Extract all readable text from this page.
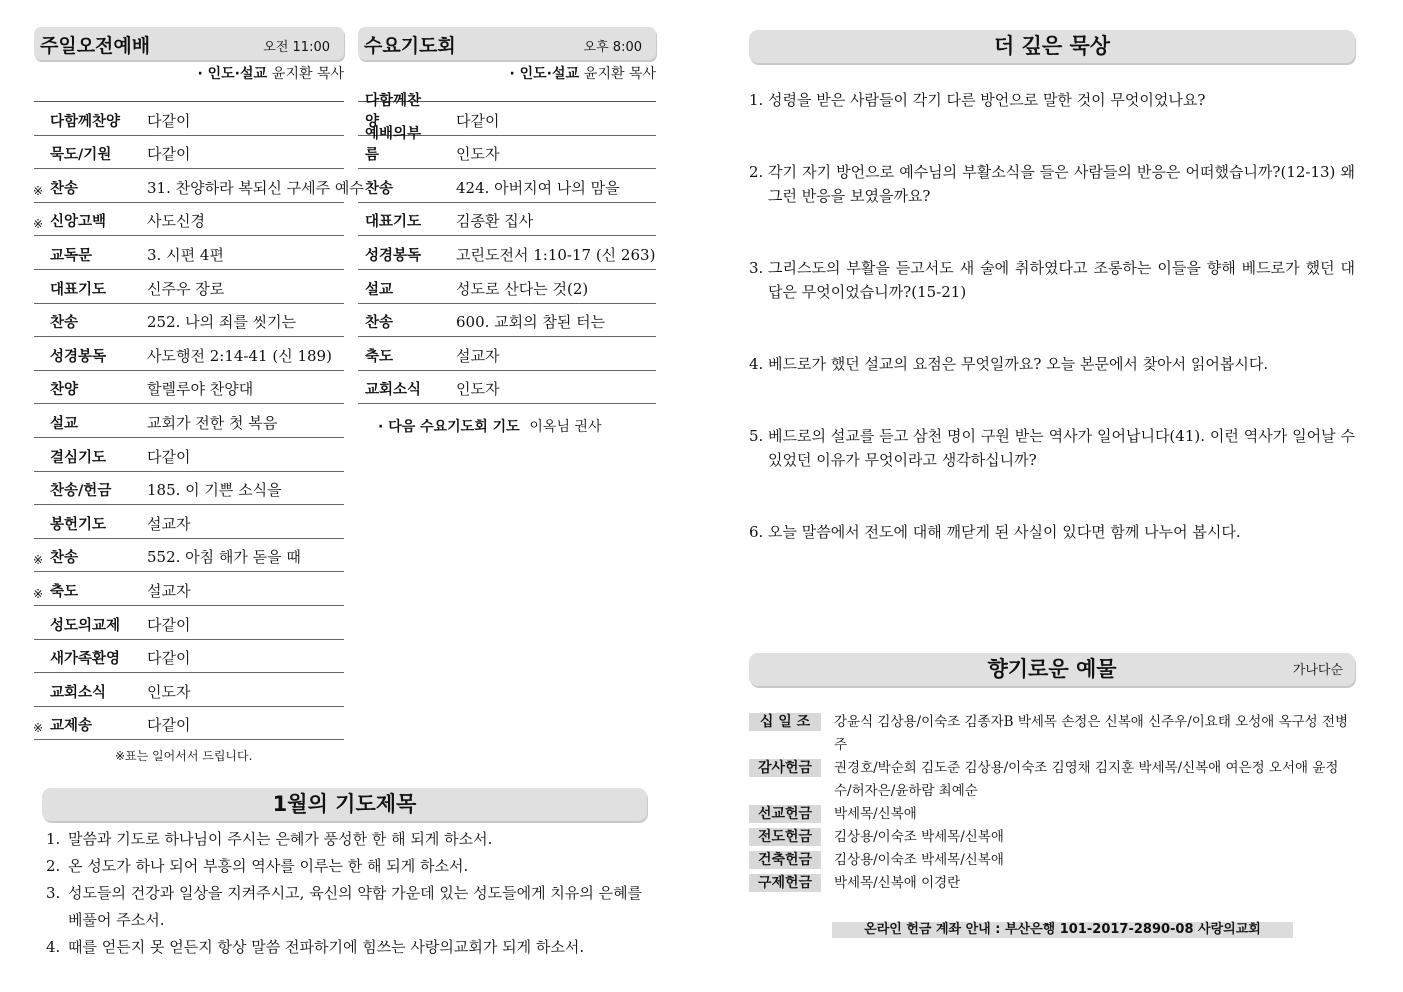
주일오전예배	오전 11:00
· 인도·설교 윤지환 목사
다함께찬양	다같이
묵도/기원	다같이
※ 찬송	31. 찬양하라 복되신 구세주 예수
※ 신앙고백	사도신경
교독문	3. 시편 4편
대표기도	신주우 장로
찬송	252. 나의 죄를 씻기는
성경봉독	사도행전 2:14-41 (신 189)
찬양	할렐루야 찬양대
설교	교회가 전한 첫 복음
결심기도	다같이
찬송/헌금	185. 이 기쁜 소식을
봉헌기도	설교자
※ 찬송	552. 아침 해가 돋을 때
※ 축도	설교자
성도의교제	다같이
새가족환영	다같이
교회소식	인도자
※ 교제송	다같이
※표는 일어서서 드립니다.
수요기도회	오후 8:00
· 인도·설교 윤지환 목사
다함께찬양	다같이
예배의부름	인도자
찬송	424. 아버지여 나의 맘을
대표기도	김종환 집사
성경봉독	고린도전서 1:10-17 (신 263)
설교	성도로 산다는 것(2)
찬송	600. 교회의 참된 터는
축도	설교자
교회소식	인도자
· 다음 수요기도회 기도 이옥님 권사
1월의 기도제목
1. 말씀과 기도로 하나님이 주시는 은혜가 풍성한 한 해 되게 하소서.
2. 온 성도가 하나 되어 부흥의 역사를 이루는 한 해 되게 하소서.
3. 성도들의 건강과 일상을 지켜주시고, 육신의 약함 가운데 있는 성도들에게 치유의 은혜를 베풀어 주소서.
4. 때를 얻든지 못 얻든지 항상 말씀 전파하기에 힘쓰는 사랑의교회가 되게 하소서.
더 깊은 묵상
1. 성령을 받은 사람들이 각기 다른 방언으로 말한 것이 무엇이었나요?
2. 각기 자기 방언으로 예수님의 부활소식을 들은 사람들의 반응은 어떠했습니까?(12-13) 왜 그런 반응을 보였을까요?
3. 그리스도의 부활을 듣고서도 새 술에 취하였다고 조롱하는 이들을 향해 베드로가 했던 대답은 무엇이었습니까?(15-21)
4. 베드로가 했던 설교의 요점은 무엇일까요? 오늘 본문에서 찾아서 읽어봅시다.
5. 베드로의 설교를 듣고 삼천 명이 구원 받는 역사가 일어납니다(41). 이런 역사가 일어날 수 있었던 이유가 무엇이라고 생각하십니까?
6. 오늘 말씀에서 전도에 대해 깨닫게 된 사실이 있다면 함께 나누어 봅시다.
향기로운 예물	가나다순
십 일 조	강윤식 김상용/이숙조 김종자B 박세목 손정은 신복애 신주우/이요태 오성애 옥구성 전병주
감사헌금	권경호/박순희 김도준 김상용/이숙조 김영채 김지훈 박세목/신복애 여은정 오서애 윤정수/허자은/윤하람 최예순
선교헌금	박세목/신복애
전도헌금	김상용/이숙조 박세목/신복애
건축헌금	김상용/이숙조 박세목/신복애
구제헌금	박세목/신복애 이경란
온라인 헌금 계좌 안내 : 부산은행 101-2017-2890-08 사랑의교회
